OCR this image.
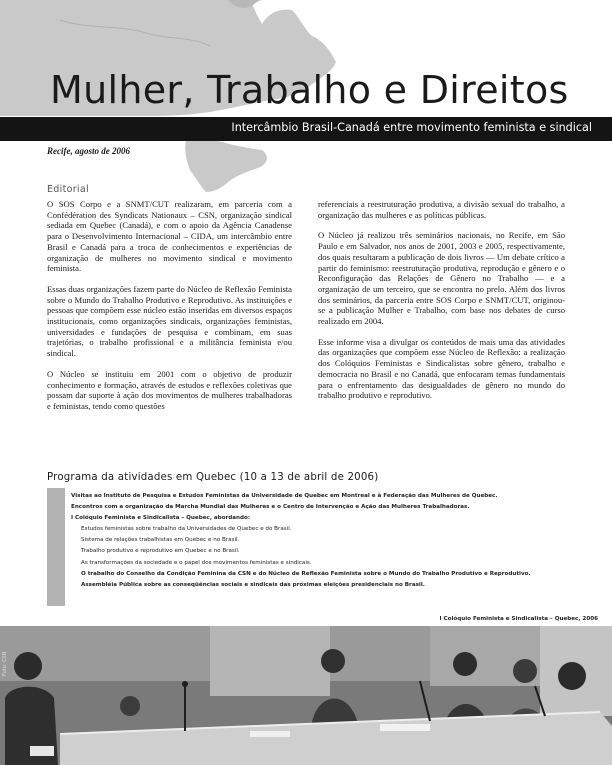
Mulher, Trabalho e Direitos

Intercâmbio Brasil-Canadá entre movimento feminista e sindical

Recife, agosto de 2006
Editorial

O SOS Corpo e a SNMT/CUT realizaram, em parceria com a Confédération des Syndicats Nationaux – CSN, organização sindical sediada em Quebec (Canadá), e com o apoio da Agência Canadense para o Desenvolvimento Internacional – CIDA, um intercâmbio entre Brasil e Canadá para a troca de conhecimentos e experiências de organização de mulheres no movimento sindical e movimento feminista.

Essas duas organizações fazem parte do Núcleo de Reflexão Feminista sobre o Mundo do Trabalho Produtivo e Reprodutivo. As instituições e pessoas que compõem esse núcleo estão inseridas em diversos espaços institucionais, como organizações sindicais, organizações feministas, universidades e fundações de pesquisa e combinam, em suas trajetórias, o trabalho profissional e a militância feminista e/ou sindical.

O Núcleo se instituiu em 2001 com o objetivo de produzir conhecimento e formação, através de estudos e reflexões coletivas que possam dar suporte à ação dos movimentos de mulheres trabalhadoras e feministas, tendo como questões

referenciais a reestruturação produtiva, a divisão sexual do trabalho, a organização das mulheres e as políticas públicas.

O Núcleo já realizou três seminários nacionais, no Recife, em São Paulo e em Salvador, nos anos de 2001, 2003 e 2005, respectivamente, dos quais resultaram a publicação de dois livros — Um debate crítico a partir do feminismo: reestruturação produtiva, reprodução e gênero e o Reconfiguração das Relações de Gênero no Trabalho — e a organização de um terceiro, que se encontra no prelo. Além dos livros dos seminários, da parceria entre SOS Corpo e SNMT/CUT, originou-se a publicação Mulher e Trabalho, com base nos debates de curso realizado em 2004.

Esse informe visa a divulgar os conteúdos de mais uma das atividades das organizações que compõem esse Núcleo de Reflexão: a realização dos Colóquios Feministas e Sindicalistas sobre gênero, trabalho e democracia no Brasil e no Canadá, que enfocaram temas fundamentais para o enfrentamento das desigualdades de gênero no mundo do trabalho produtivo e reprodutivo.

Programa da atividades em Quebec (10 a 13 de abril de 2006)
Visitas ao Instituto de Pesquisa e Estudos Feministas da Universidade de Quebec em Montreal e à Federação das Mulheres de Quebec.
Encontros com a organização da Marcha Mundial das Mulheres e o Centro de Intervenção e Ação das Mulheres Trabalhadoras.
I Colóquio Feminista e Sindicalista – Quebec, abordando:
Estudos feministas sobre trabalho da Universidades de Quebec e do Brasil.
Sistema de relações trabalhistas em Quebec e no Brasil.
Trabalho produtivo e reprodutivo em Quebec e no Brasil.
As transformações da sociedade e o papel dos movimentos feministas e sindicais.
O trabalho do Conselho da Condição Feminina da CSN e do Núcleo de Reflexão Feminista sobre o Mundo do Trabalho Produtivo e Reprodutivo.
Assembléia Pública sobre as conseqüências sociais e sindicais das próximas eleições presidenciais no Brasil.
I Colóquio Feminista e Sindicalista – Quebec, 2006
Foto: CSN
